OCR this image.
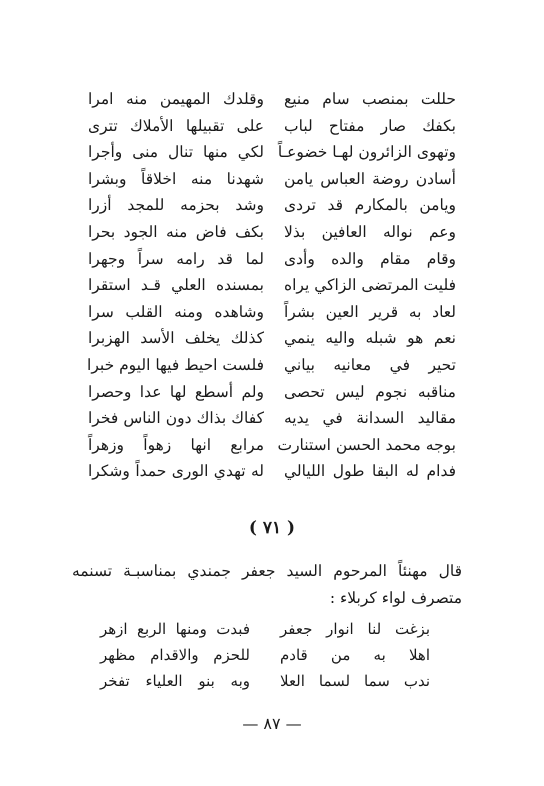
حللت بمنصب سام منيع
وقلدك المهيمن منه امرا
بكفك صار مفتاح لباب
على تقبيلها الأملاك تترى
وتهوى الزائرون لهـا خضوعـاً
لكي منها تنال منى وأجرا
أسادن روضة العباس يامن
شهدنا منه اخلاقاً وبشرا
ويامن بالمكارم قد تردى
وشد بحزمه للمجد أزرا
وعم نواله العافين بذلا
بكف فاض منه الجود بحرا
وقام مقام والده وأدى
لما قد رامه سراً وجهرا
فليت المرتضى الزاكي يراه
بمسنده العلي قـد استقرا
لعاد به قرير العين بشراً
وشاهده ومنه القلب سرا
نعم هو شبله واليه ينمي
كذلك يخلف الأسد الهزبرا
تحير في معانيه بياني
فلست احيط فيها اليوم خبرا
مناقبه نجوم ليس تحصى
ولم أسطع لها عدا وحصرا
مقاليد السدانة في يديه
كفاك بذاك دون الناس فخرا
بوجه محمد الحسن استنارت
مرابع انها زهواً وزهراً
فدام له البقا طول الليالي
له تهدي الورى حمداً وشكرا
( ٧١ )
قال مهنئاً المرحوم السيد جعفر جمندي بمناسبـة تسنمه متصرف لواء كربلاء :
بزغت لنا انوار جعفر
فبدت ومنها الربع ازهر
اهلا به من قادم
للحزم والاقدام مظهر
ندب سما لسما العلا
وبه بنو العلياء تفخر
— ٨٧ —
